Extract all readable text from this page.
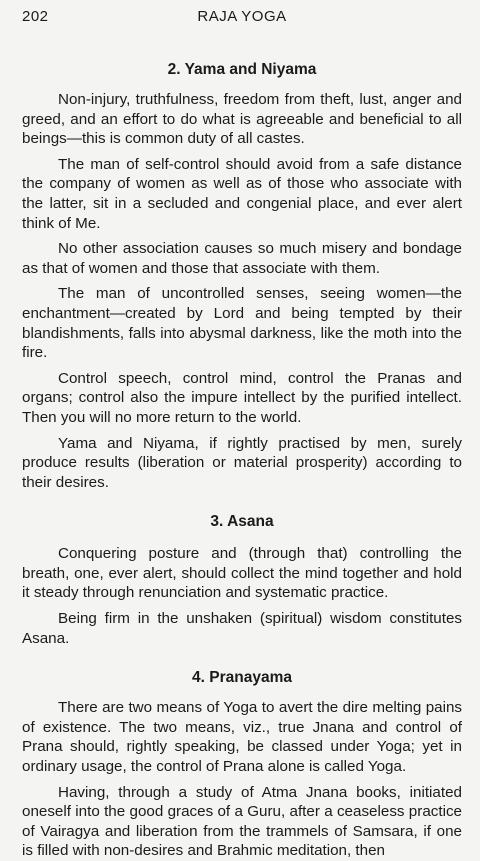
202	RAJA YOGA
2. Yama and Niyama

Non-injury, truthfulness, freedom from theft, lust, anger and greed, and an effort to do what is agreeable and beneficial to all beings—this is common duty of all castes.

The man of self-control should avoid from a safe distance the company of women as well as of those who associate with the latter, sit in a secluded and congenial place, and ever alert think of Me.

No other association causes so much misery and bondage as that of women and those that associate with them.

The man of uncontrolled senses, seeing women—the enchantment—created by Lord and being tempted by their blandishments, falls into abysmal darkness, like the moth into the fire.

Control speech, control mind, control the Pranas and organs; control also the impure intellect by the purified intellect. Then you will no more return to the world.

Yama and Niyama, if rightly practised by men, surely produce results (liberation or material prosperity) according to their desires.

3. Asana

Conquering posture and (through that) controlling the breath, one, ever alert, should collect the mind together and hold it steady through renunciation and systematic practice.

Being firm in the unshaken (spiritual) wisdom constitutes Asana.

4. Pranayama

There are two means of Yoga to avert the dire melting pains of existence. The two means, viz., true Jnana and control of Prana should, rightly speaking, be classed under Yoga; yet in ordinary usage, the control of Prana alone is called Yoga.

Having, through a study of Atma Jnana books, initiated oneself into the good graces of a Guru, after a ceaseless practice of Vairagya and liberation from the trammels of Samsara, if one is filled with non-desires and Brahmic meditation, then
